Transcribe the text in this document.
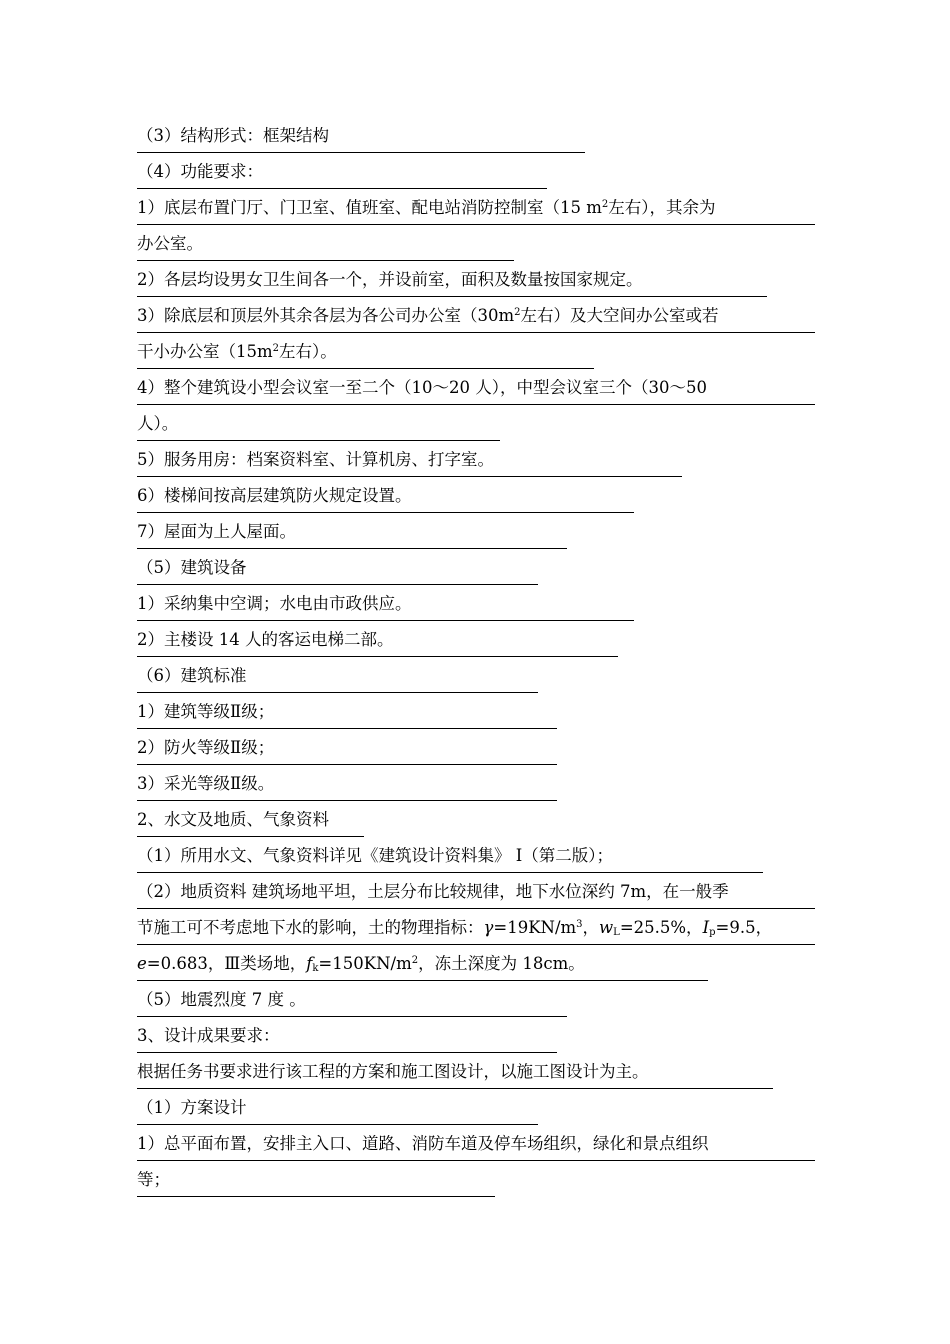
（3）结构形式：框架结构
（4）功能要求：
1）底层布置门厅、门卫室、值班室、配电站消防控制室（15 $m^2$左右），其余为
办公室。
2）各层均设男女卫生间各一个，并设前室，面积及数量按国家规定。
3）除底层和顶层外其余各层为各公司办公室（$30m^2$左右）及大空间办公室或若
干小办公室（$15m^2$左右）。
4）整个建筑设小型会议室一至二个（10～20 人），中型会议室三个（30～50
人）。
5）服务用房：档案资料室、计算机房、打字室。
6）楼梯间按高层建筑防火规定设置。
7）屋面为上人屋面。
（5）建筑设备
1）采纳集中空调；水电由市政供应。
2）主楼设 14 人的客运电梯二部。
（6）建筑标准
1）建筑等级Ⅱ级；
2）防火等级Ⅱ级；
3）采光等级Ⅱ级。
2、水文及地质、气象资料
（1）所用水文、气象资料详见《建筑设计资料集》 Ⅰ（第二版）；
（2）地质资料 建筑场地平坦，土层分布比较规律，地下水位深约 7m，在一般季
节施工可不考虑地下水的影响，土的物理指标：$\gamma=19KN/m^3$，$w_L=25.5\%$，$I_p=9.5$，
e=0.683，Ⅲ类场地，$f_k=150KN/m^2$，冻土深度为 18cm。
（5）地震烈度 7 度 。
3、设计成果要求：
根据任务书要求进行该工程的方案和施工图设计，以施工图设计为主。
（1）方案设计
1）总平面布置，安排主入口、道路、消防车道及停车场组织，绿化和景点组织
等；
